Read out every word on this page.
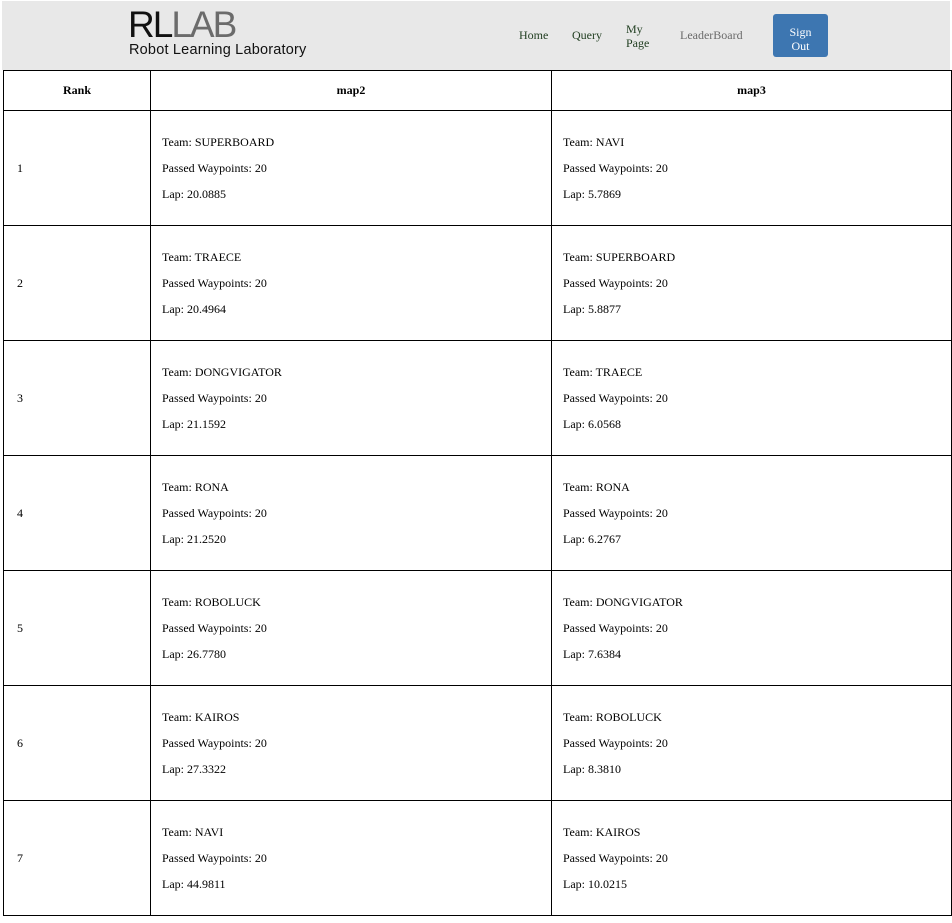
RLLAB
Robot Learning Laboratory
Home Query My
Page
LeaderBoard	Sign
Out
Rank	map2	map3
1	Team: SUPERBOARD
Passed Waypoints: 20
Lap: 20.0885	Team: NAVI
Passed Waypoints: 20
Lap: 5.7869

2	Team: TRAECE
Passed Waypoints: 20
Lap: 20.4964	Team: SUPERBOARD
Passed Waypoints: 20
Lap: 5.8877

3	Team: DONGVIGATOR
Passed Waypoints: 20
Lap: 21.1592	Team: TRAECE
Passed Waypoints: 20
Lap: 6.0568

4	Team: RONA
Passed Waypoints: 20
Lap: 21.2520	Team: RONA
Passed Waypoints: 20
Lap: 6.2767

5	Team: ROBOLUCK
Passed Waypoints: 20
Lap: 26.7780	Team: DONGVIGATOR
Passed Waypoints: 20
Lap: 7.6384

6	Team: KAIROS
Passed Waypoints: 20
Lap: 27.3322	Team: ROBOLUCK
Passed Waypoints: 20
Lap: 8.3810

7	Team: NAVI
Passed Waypoints: 20
Lap: 44.9811	Team: KAIROS
Passed Waypoints: 20
Lap: 10.0215
